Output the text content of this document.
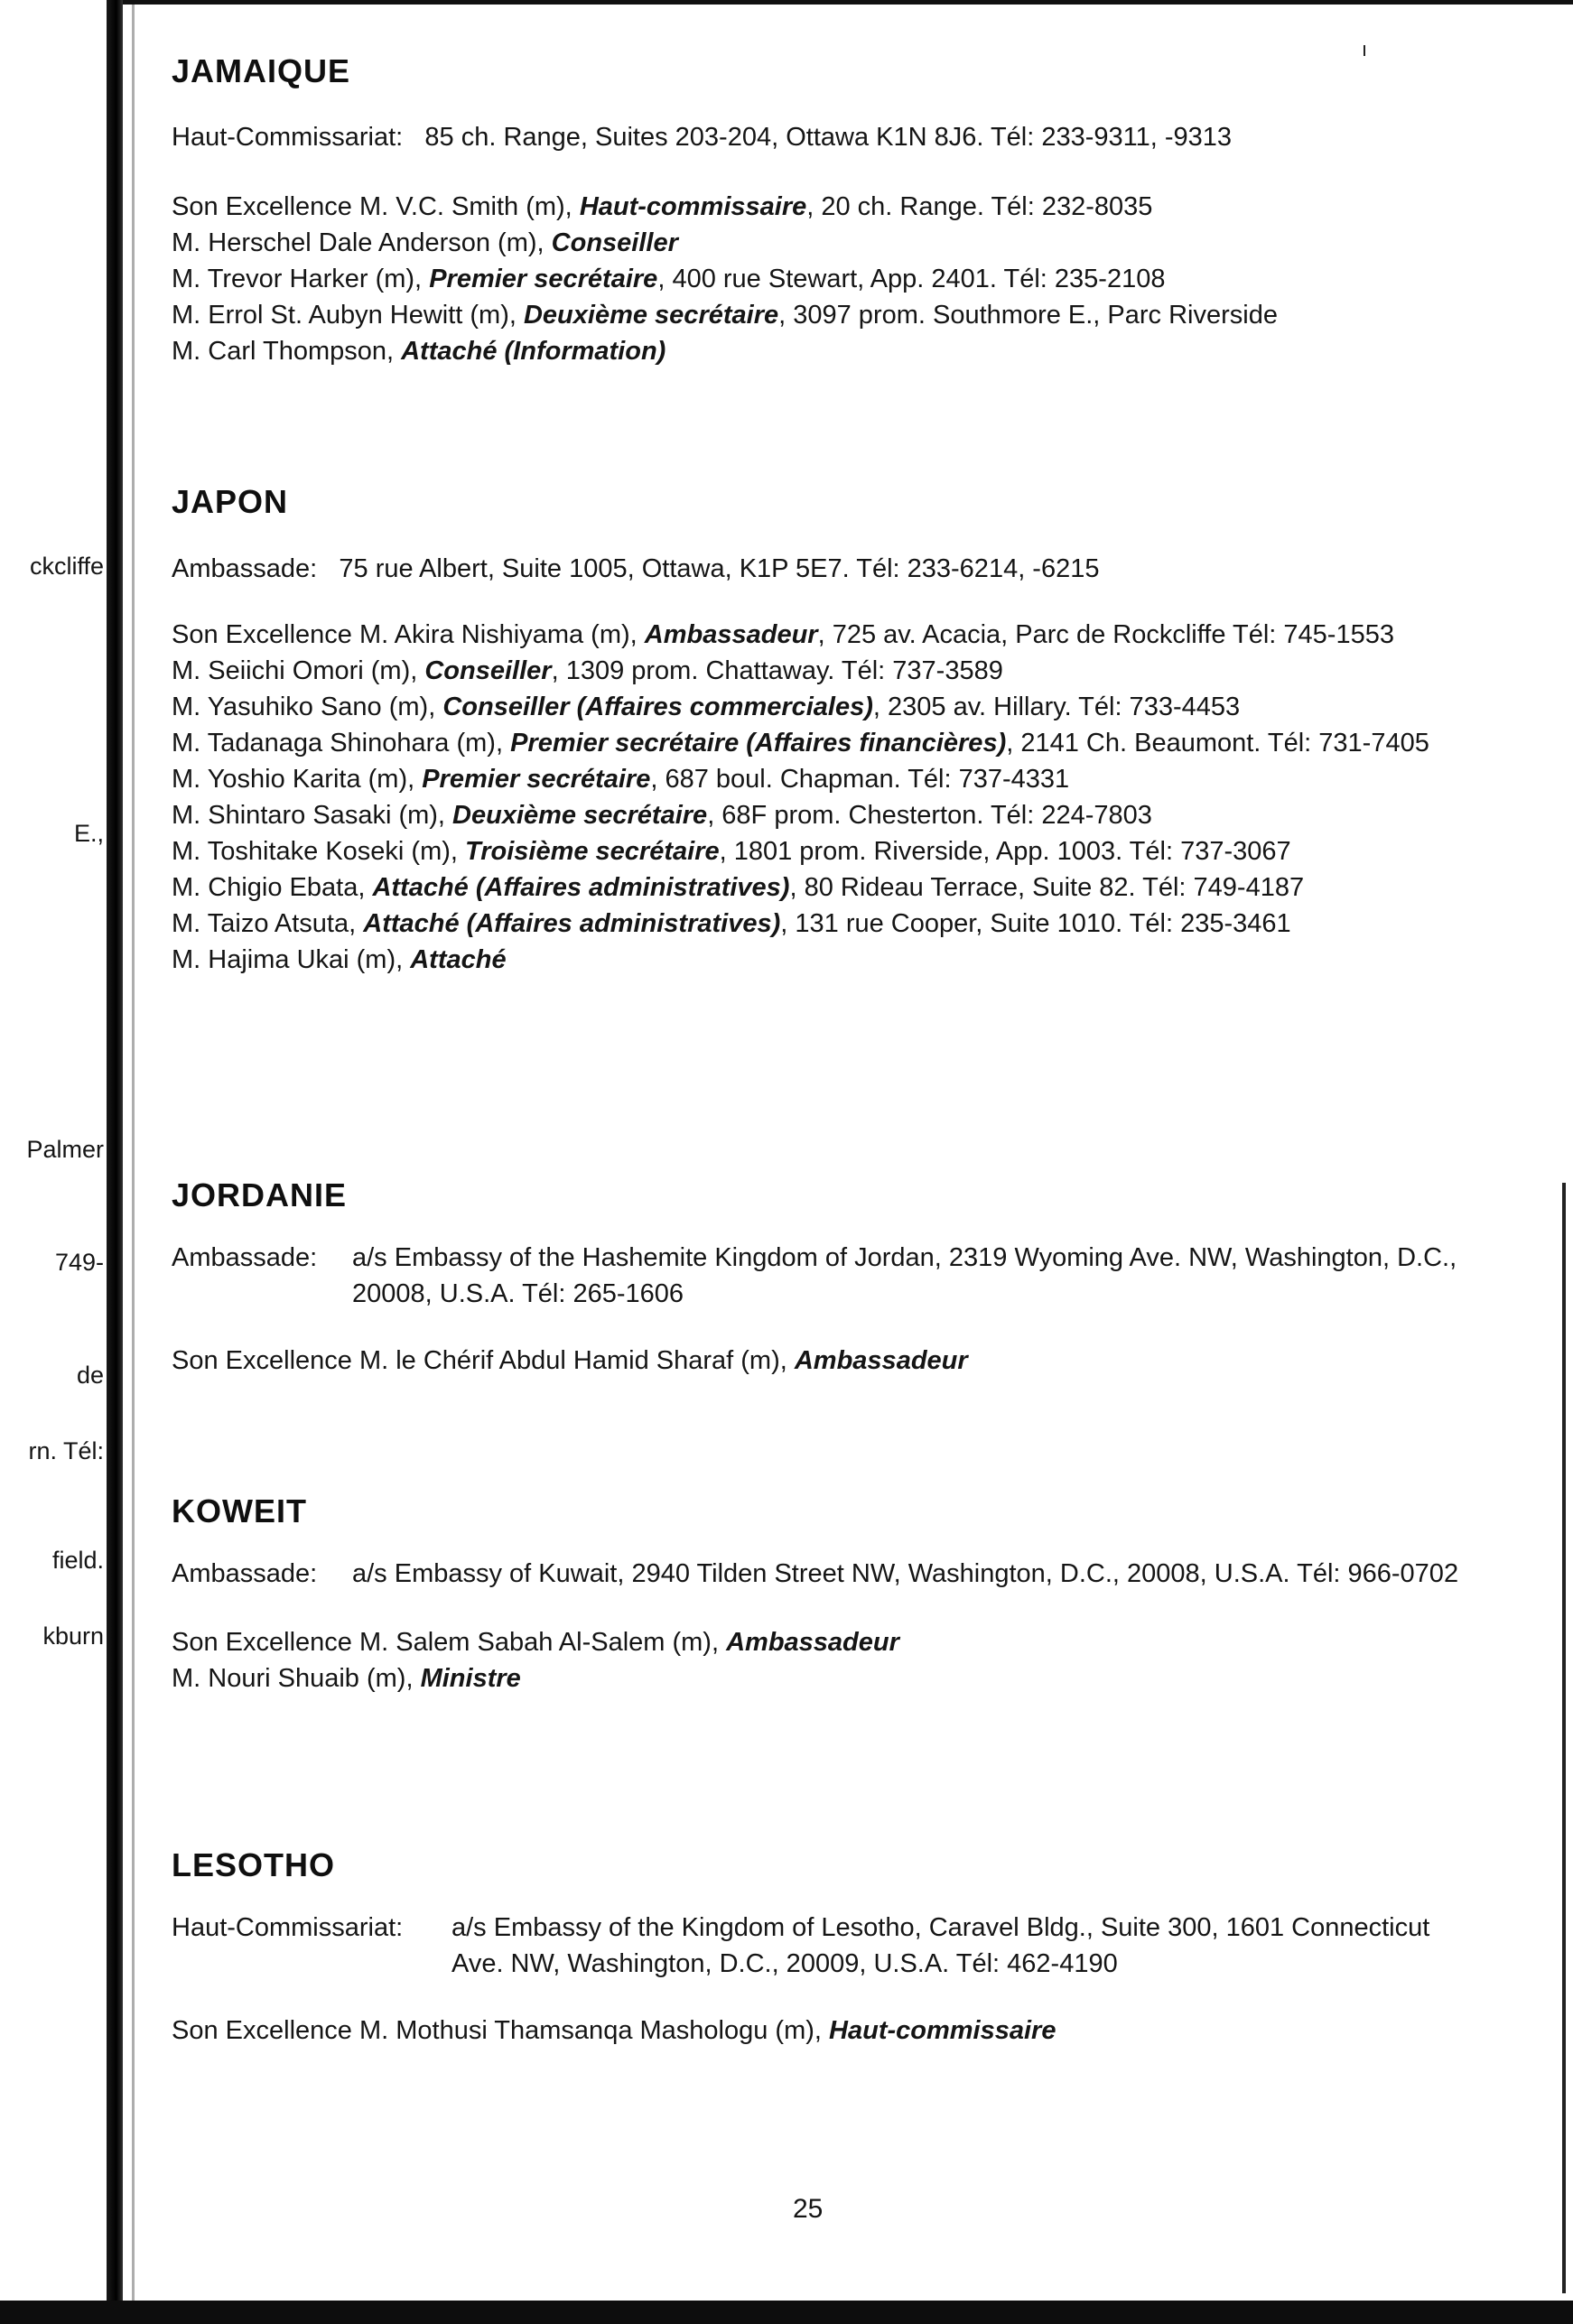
ckcliffe
E.,
Palmer
749-
de
rn. Tél:
field.
kburn
JAMAIQUE
Haut-Commissariat: 85 ch. Range, Suites 203-204, Ottawa K1N 8J6. Tél: 233-9311, -9313
Son Excellence M. V.C. Smith (m), Haut-commissaire, 20 ch. Range. Tél: 232-8035
M. Herschel Dale Anderson (m), Conseiller
M. Trevor Harker (m), Premier secrétaire, 400 rue Stewart, App. 2401. Tél: 235-2108
M. Errol St. Aubyn Hewitt (m), Deuxième secrétaire, 3097 prom. Southmore E., Parc Riverside
M. Carl Thompson, Attaché (Information)
JAPON
Ambassade: 75 rue Albert, Suite 1005, Ottawa, K1P 5E7. Tél: 233-6214, -6215
Son Excellence M. Akira Nishiyama (m), Ambassadeur, 725 av. Acacia, Parc de Rockcliffe Tél: 745-1553
M. Seiichi Omori (m), Conseiller, 1309 prom. Chattaway. Tél: 737-3589
M. Yasuhiko Sano (m), Conseiller (Affaires commerciales), 2305 av. Hillary. Tél: 733-4453
M. Tadanaga Shinohara (m), Premier secrétaire (Affaires financières), 2141 Ch. Beaumont. Tél: 731-7405
M. Yoshio Karita (m), Premier secrétaire, 687 boul. Chapman. Tél: 737-4331
M. Shintaro Sasaki (m), Deuxième secrétaire, 68F prom. Chesterton. Tél: 224-7803
M. Toshitake Koseki (m), Troisième secrétaire, 1801 prom. Riverside, App. 1003. Tél: 737-3067
M. Chigio Ebata, Attaché (Affaires administratives), 80 Rideau Terrace, Suite 82. Tél: 749-4187
M. Taizo Atsuta, Attaché (Affaires administratives), 131 rue Cooper, Suite 1010. Tél: 235-3461
M. Hajima Ukai (m), Attaché
JORDANIE
Ambassade: a/s Embassy of the Hashemite Kingdom of Jordan, 2319 Wyoming Ave. NW, Washington, D.C., 20008, U.S.A. Tél: 265-1606
Son Excellence M. le Chérif Abdul Hamid Sharaf (m), Ambassadeur
KOWEIT
Ambassade: a/s Embassy of Kuwait, 2940 Tilden Street NW, Washington, D.C., 20008, U.S.A. Tél: 966-0702
Son Excellence M. Salem Sabah Al-Salem (m), Ambassadeur
M. Nouri Shuaib (m), Ministre
LESOTHO
Haut-Commissariat: a/s Embassy of the Kingdom of Lesotho, Caravel Bldg., Suite 300, 1601 Connecticut Ave. NW, Washington, D.C., 20009, U.S.A. Tél: 462-4190
Son Excellence M. Mothusi Thamsanqa Mashologu (m), Haut-commissaire
25
